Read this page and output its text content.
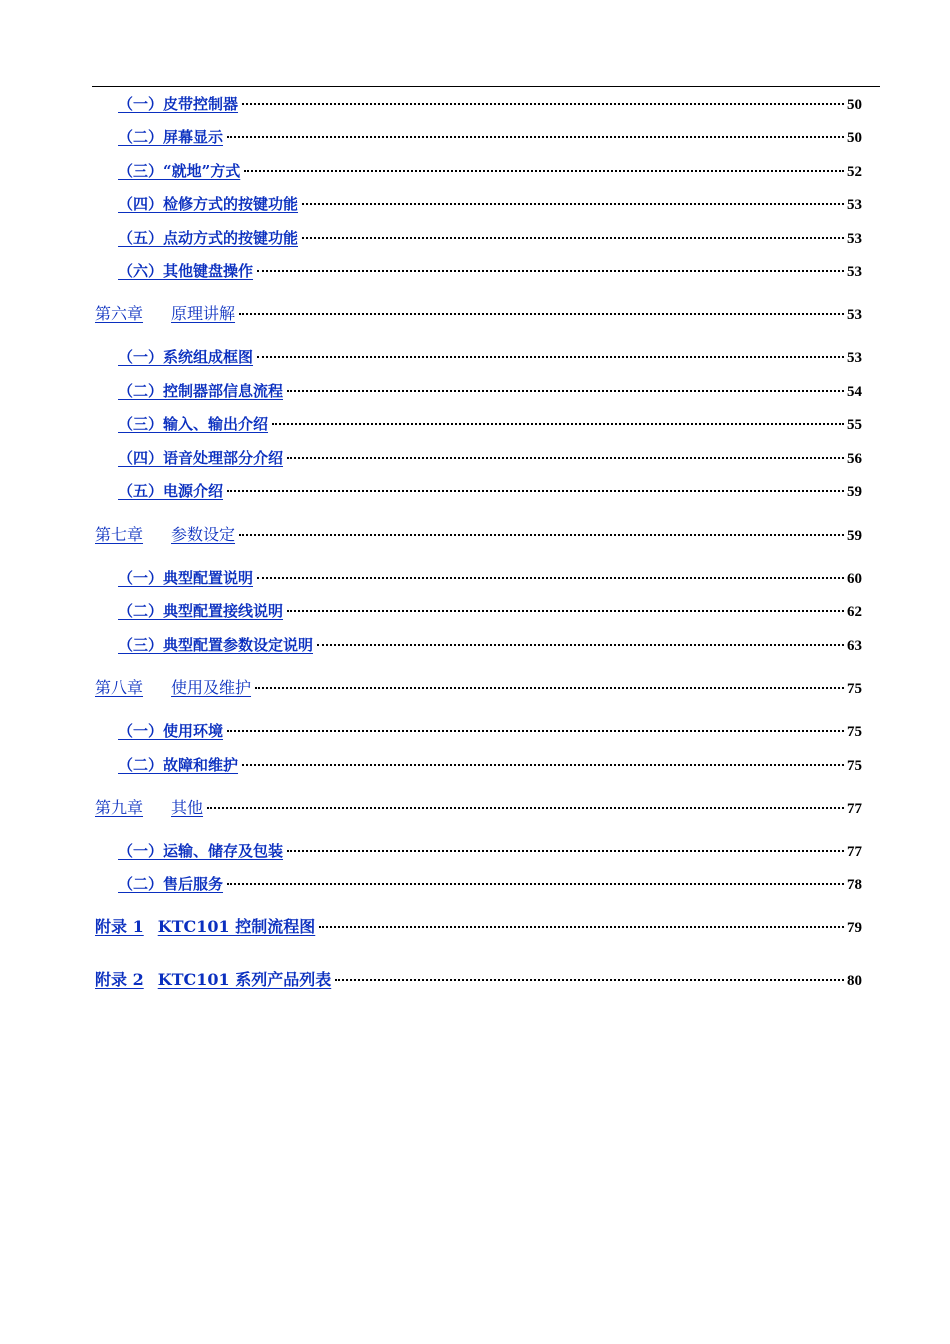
（一）皮带控制器	50
（二）屏幕显示	50
（三）“就地”方式	52
（四）检修方式的按键功能	53
（五）点动方式的按键功能	53
（六）其他键盘操作	53
第六章 原理讲解	53
（一）系统组成框图	53
（二）控制器部信息流程	54
（三）输入、输出介绍	55
（四）语音处理部分介绍	56
（五）电源介绍	59
第七章 参数设定	59
（一）典型配置说明	60
（二）典型配置接线说明	62
（三）典型配置参数设定说明	63
第八章 使用及维护	75
（一）使用环境	75
（二）故障和维护	75
第九章 其他	77
（一）运输、储存及包装	77
（二）售后服务	78
附录 1 KTC101 控制流程图	79
附录 2 KTC101 系列产品列表	80
